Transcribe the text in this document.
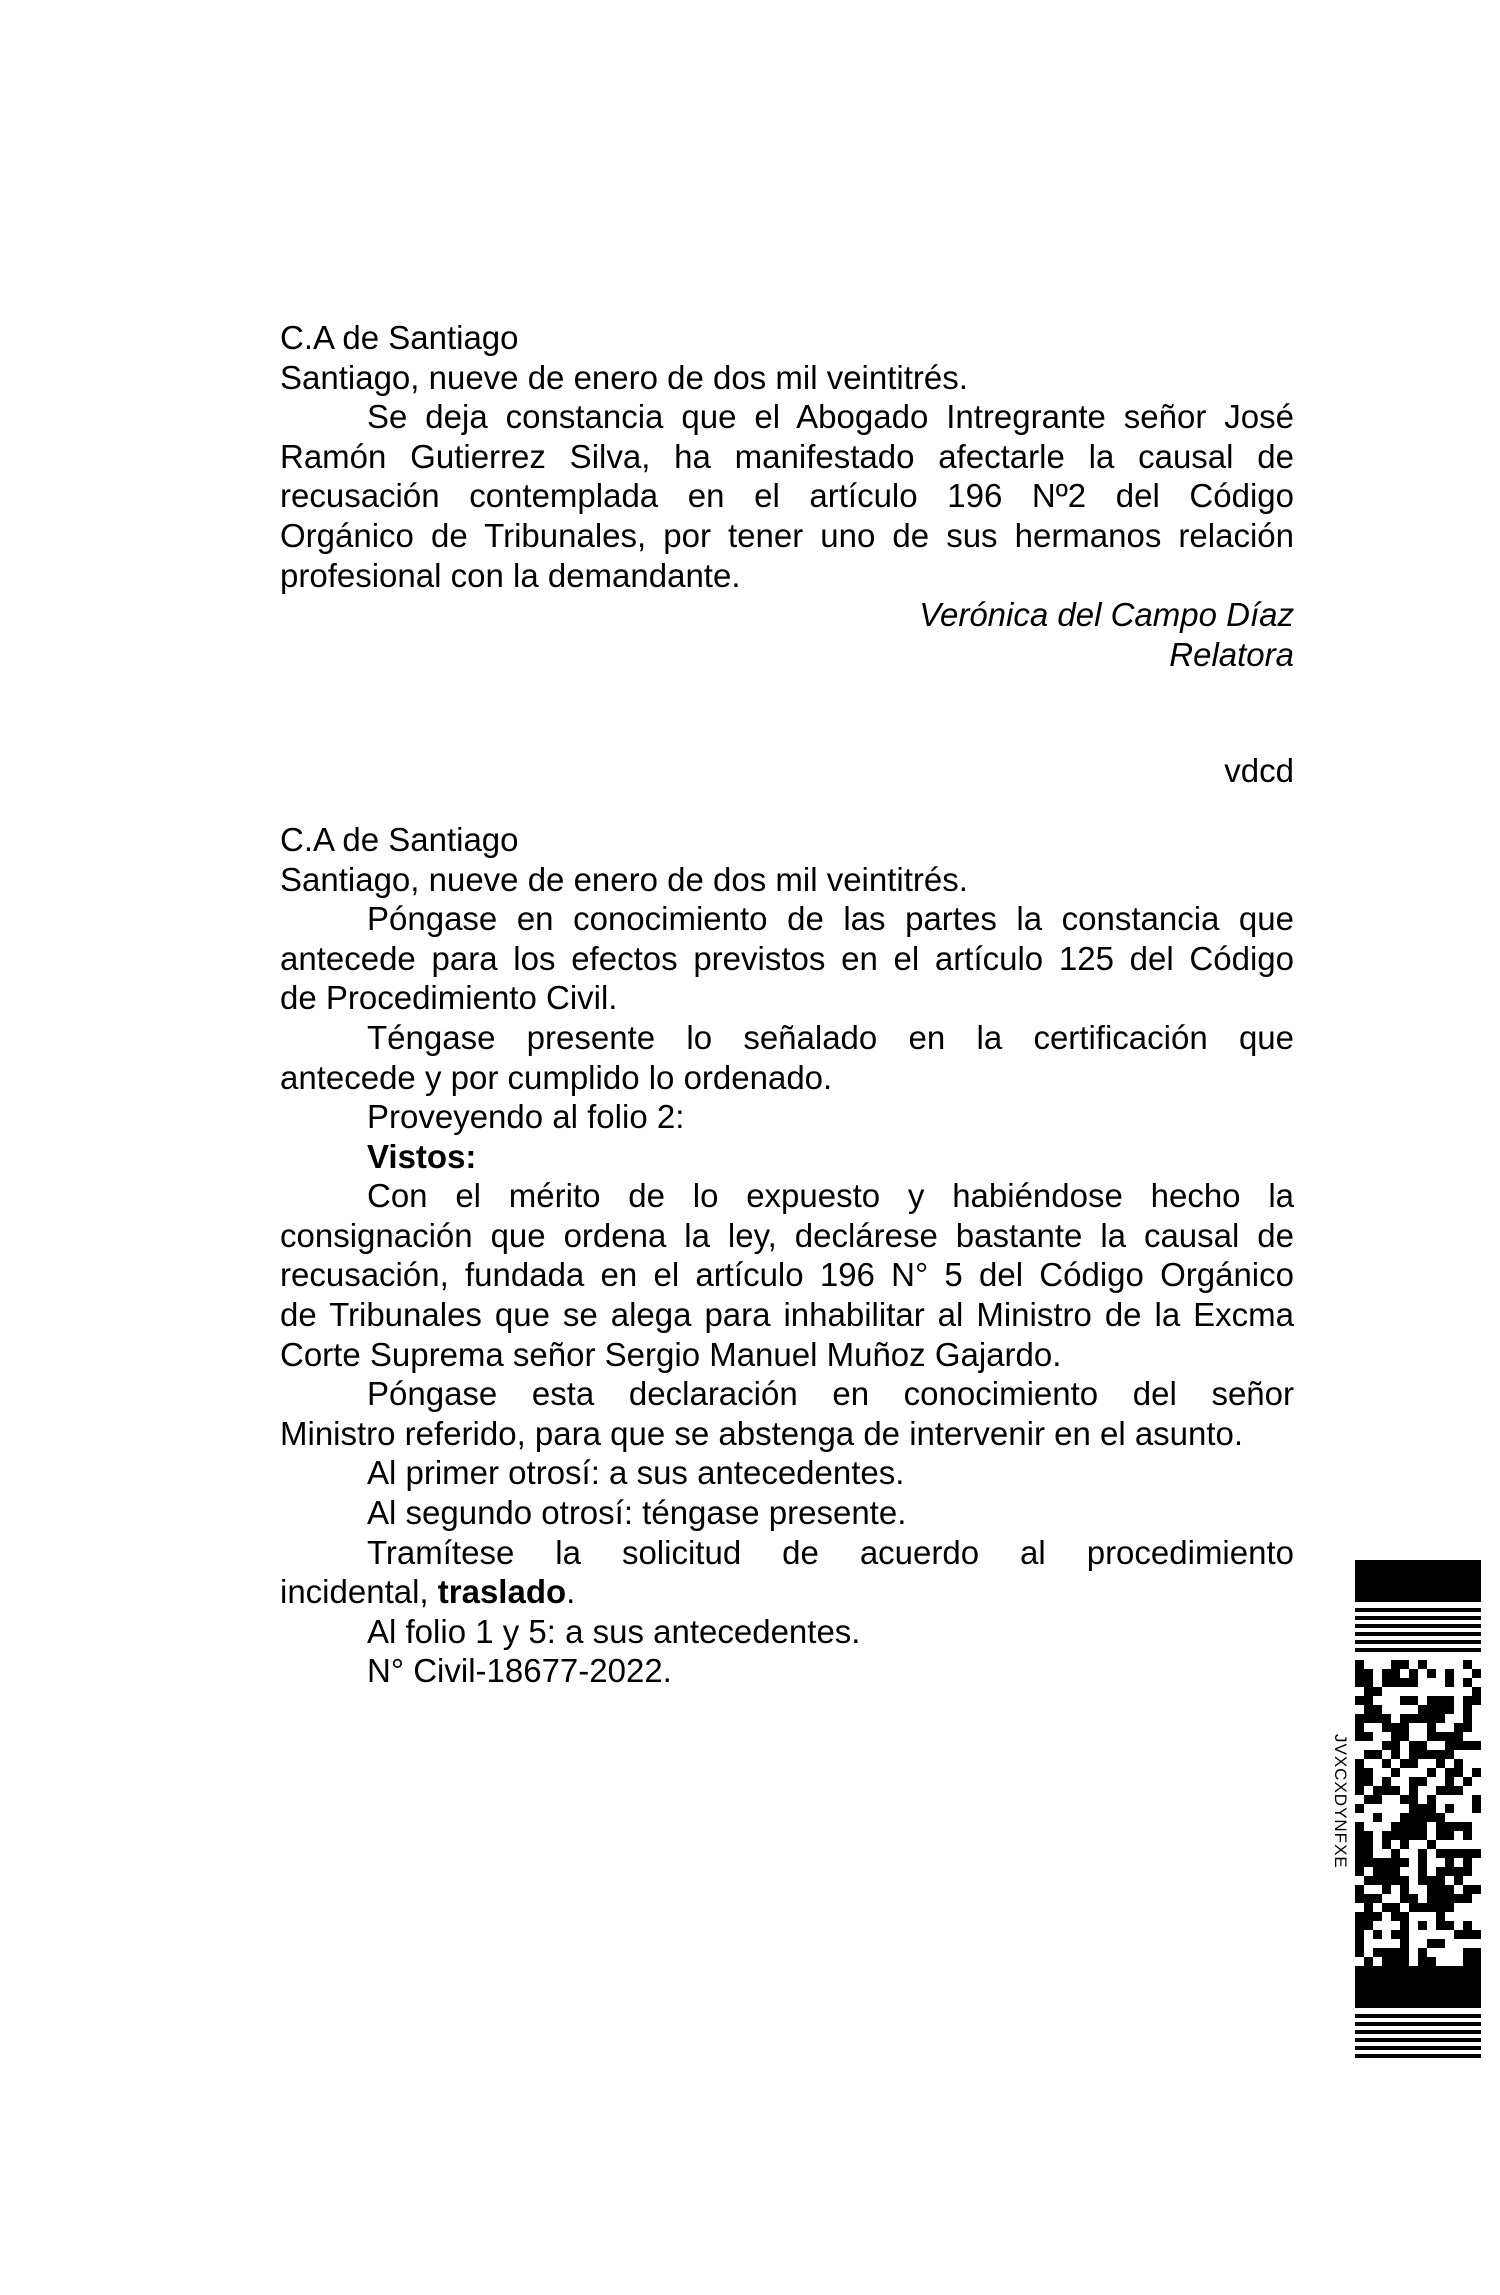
C.A de Santiago
Santiago, nueve de enero de dos mil veintitrés.
Se deja constancia que el Abogado Intregrante señor José
Ramón Gutierrez Silva, ha manifestado afectarle la causal de
recusación contemplada en el artículo 196 Nº2 del Código
Orgánico de Tribunales, por tener uno de sus hermanos relación
profesional con la demandante.
Verónica del Campo Díaz
Relatora
vdcd
C.A de Santiago
Santiago, nueve de enero de dos mil veintitrés.
Póngase en conocimiento de las partes la constancia que
antecede para los efectos previstos en el artículo 125 del Código
de Procedimiento Civil.
Téngase presente lo señalado en la certificación que
antecede y por cumplido lo ordenado.
Proveyendo al folio 2:
Vistos:
Con el mérito de lo expuesto y habiéndose hecho la
consignación que ordena la ley, declárese bastante la causal de
recusación, fundada en el artículo 196 N° 5 del Código Orgánico
de Tribunales que se alega para inhabilitar al Ministro de la Excma
Corte Suprema señor Sergio Manuel Muñoz Gajardo.
Póngase esta declaración en conocimiento del señor
Ministro referido, para que se abstenga de intervenir en el asunto.
Al primer otrosí: a sus antecedentes.
Al segundo otrosí: téngase presente.
Tramítese la solicitud de acuerdo al procedimiento
incidental, traslado.
Al folio 1 y 5: a sus antecedentes.
N° Civil-18677-2022.
JVXCXDYNFXE
